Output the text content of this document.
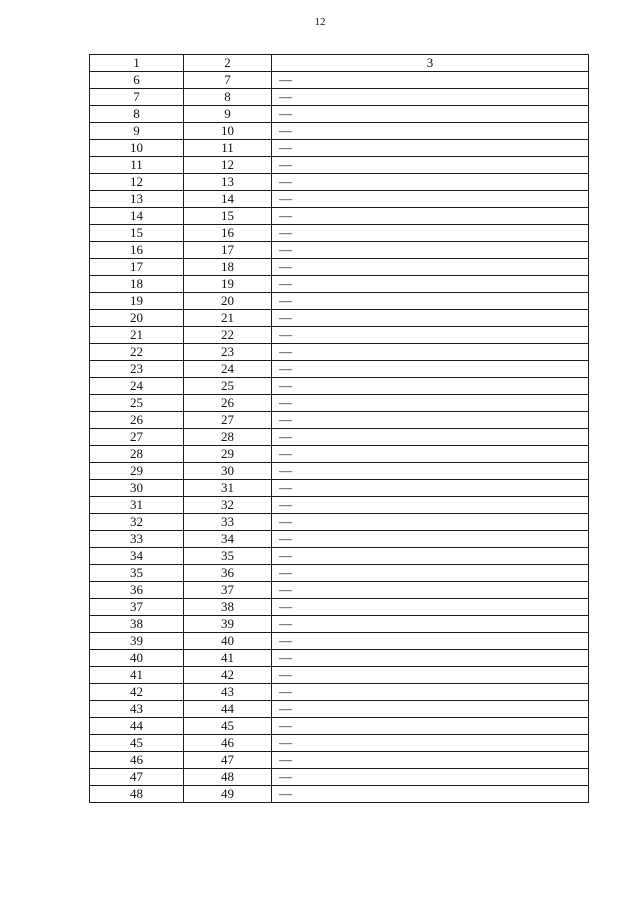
12
1	2	3
6	7	—
7	8	—
8	9	—
9	10	—
10	11	—
11	12	—
12	13	—
13	14	—
14	15	—
15	16	—
16	17	—
17	18	—
18	19	—
19	20	—
20	21	—
21	22	—
22	23	—
23	24	—
24	25	—
25	26	—
26	27	—
27	28	—
28	29	—
29	30	—
30	31	—
31	32	—
32	33	—
33	34	—
34	35	—
35	36	—
36	37	—
37	38	—
38	39	—
39	40	—
40	41	—
41	42	—
42	43	—
43	44	—
44	45	—
45	46	—
46	47	—
47	48	—
48	49	—
